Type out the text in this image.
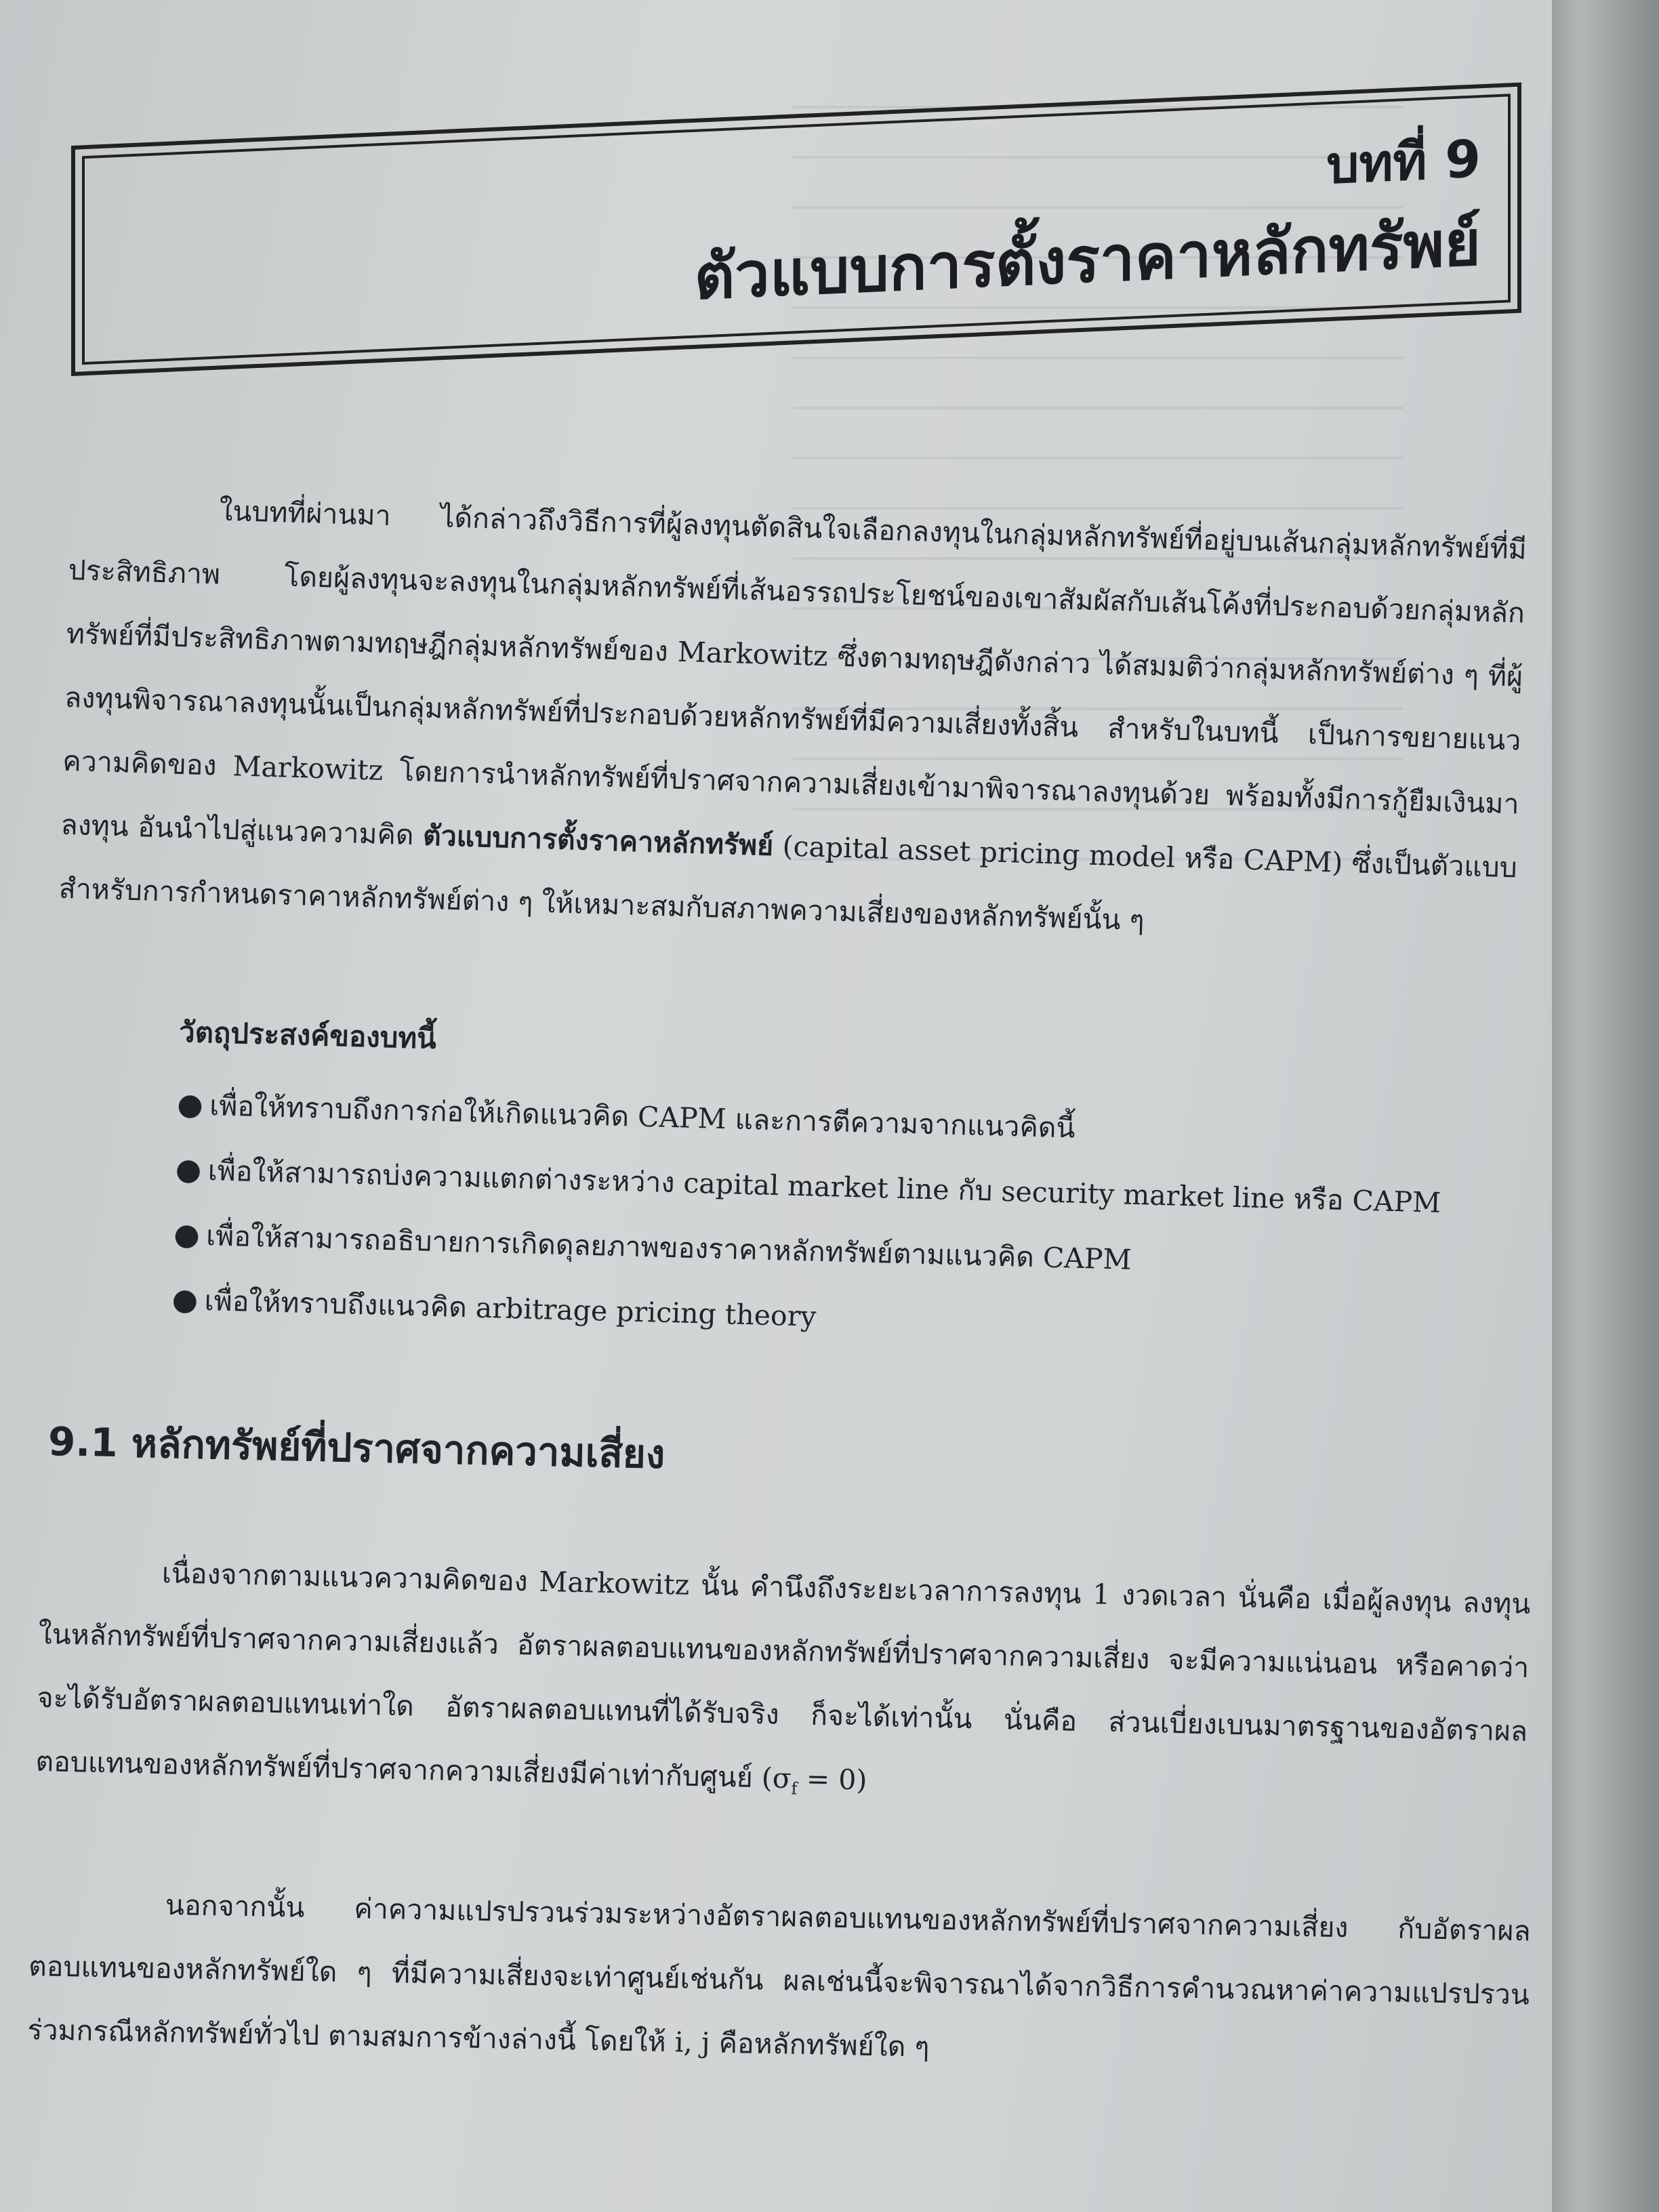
บทที่ 9
ตัวแบบการตั้งราคาหลักทรัพย์

ในบทที่ผ่านมา ได้กล่าวถึงวิธีการที่ผู้ลงทุนตัดสินใจเลือกลงทุนในกลุ่มหลักทรัพย์ที่อยู่บนเส้นกลุ่มหลักทรัพย์ที่มีประสิทธิภาพ โดยผู้ลงทุนจะลงทุนในกลุ่มหลักทรัพย์ที่เส้นอรรถประโยชน์ของเขาสัมผัสกับเส้นโค้งที่ประกอบด้วยกลุ่มหลักทรัพย์ที่มีประสิทธิภาพตามทฤษฎีกลุ่มหลักทรัพย์ของ Markowitz ซึ่งตามทฤษฎีดังกล่าว ได้สมมติว่ากลุ่มหลักทรัพย์ต่าง ๆ ที่ผู้ลงทุนพิจารณาลงทุนนั้นเป็นกลุ่มหลักทรัพย์ที่ประกอบด้วยหลักทรัพย์ที่มีความเสี่ยงทั้งสิ้น สำหรับในบทนี้ เป็นการขยายแนวความคิดของ Markowitz โดยการนำหลักทรัพย์ที่ปราศจากความเสี่ยงเข้ามาพิจารณาลงทุนด้วย พร้อมทั้งมีการกู้ยืมเงินมาลงทุน อันนำไปสู่แนวความคิด ตัวแบบการตั้งราคาหลักทรัพย์ (capital asset pricing model หรือ CAPM) ซึ่งเป็นตัวแบบสำหรับการกำหนดราคาหลักทรัพย์ต่าง ๆ ให้เหมาะสมกับสภาพความเสี่ยงของหลักทรัพย์นั้น ๆ

วัตถุประสงค์ของบทนี้
● เพื่อให้ทราบถึงการก่อให้เกิดแนวคิด CAPM และการตีความจากแนวคิดนี้
● เพื่อให้สามารถบ่งความแตกต่างระหว่าง capital market line กับ security market line หรือ CAPM
● เพื่อให้สามารถอธิบายการเกิดดุลยภาพของราคาหลักทรัพย์ตามแนวคิด CAPM
● เพื่อให้ทราบถึงแนวคิด arbitrage pricing theory
9.1 หลักทรัพย์ที่ปราศจากความเสี่ยง

เนื่องจากตามแนวความคิดของ Markowitz นั้น คำนึงถึงระยะเวลาการลงทุน 1 งวดเวลา นั่นคือ เมื่อผู้ลงทุน ลงทุนในหลักทรัพย์ที่ปราศจากความเสี่ยงแล้ว อัตราผลตอบแทนของหลักทรัพย์ที่ปราศจากความเสี่ยง จะมีความแน่นอน หรือคาดว่าจะได้รับอัตราผลตอบแทนเท่าใด อัตราผลตอบแทนที่ได้รับจริง ก็จะได้เท่านั้น นั่นคือ ส่วนเบี่ยงเบนมาตรฐานของอัตราผลตอบแทนของหลักทรัพย์ที่ปราศจากความเสี่ยงมีค่าเท่ากับศูนย์ $(\sigma_f = 0)$

นอกจากนั้น ค่าความแปรปรวนร่วมระหว่างอัตราผลตอบแทนของหลักทรัพย์ที่ปราศจากความเสี่ยง กับอัตราผลตอบแทนของหลักทรัพย์ใด ๆ ที่มีความเสี่ยงจะเท่าศูนย์เช่นกัน ผลเช่นนี้จะพิจารณาได้จากวิธีการคำนวณหาค่าความแปรปรวนร่วมกรณีหลักทรัพย์ทั่วไป ตามสมการข้างล่างนี้ โดยให้ i, j คือหลักทรัพย์ใด ๆ
